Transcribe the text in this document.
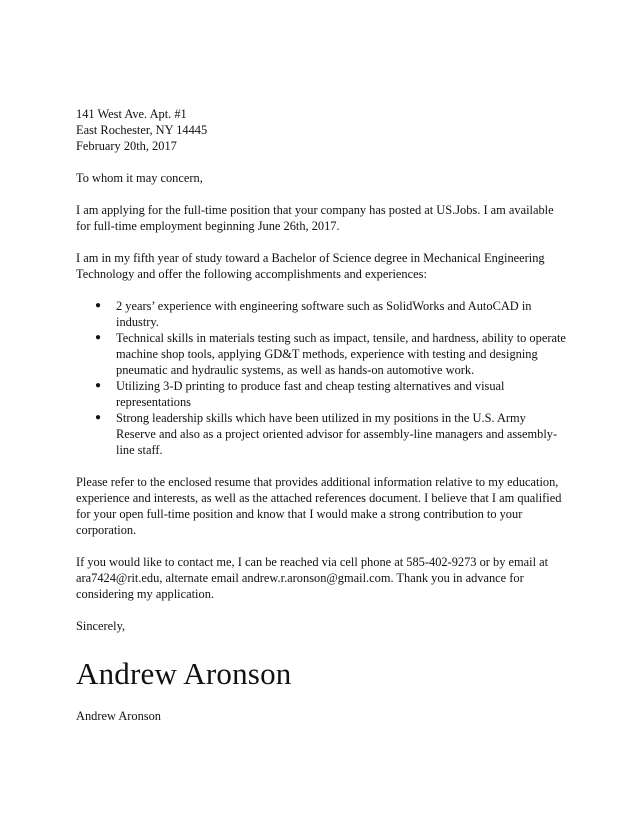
141 West Ave. Apt. #1

East Rochester, NY 14445

February 20th, 2017

To whom it may concern,

I am applying for the full-time position that your company has posted at US.Jobs. I am available for full-time employment beginning June 26th, 2017.

I am in my fifth year of study toward a Bachelor of Science degree in Mechanical Engineering Technology and offer the following accomplishments and experiences:

● 2 years’ experience with engineering software such as SolidWorks and AutoCAD in industry.
● Technical skills in materials testing such as impact, tensile, and hardness, ability to operate machine shop tools, applying GD&T methods, experience with testing and designing pneumatic and hydraulic systems, as well as hands-on automotive work.
● Utilizing 3-D printing to produce fast and cheap testing alternatives and visual representations
● Strong leadership skills which have been utilized in my positions in the U.S. Army Reserve and also as a project oriented advisor for assembly-line managers and assembly-line staff.

Please refer to the enclosed resume that provides additional information relative to my education, experience and interests, as well as the attached references document. I believe that I am qualified for your open full-time position and know that I would make a strong contribution to your corporation.

If you would like to contact me, I can be reached via cell phone at 585-402-9273 or by email at ara7424@rit.edu, alternate email andrew.r.aronson@gmail.com. Thank you in advance for considering my application.

Sincerely,

Andrew Aronson

Andrew Aronson
